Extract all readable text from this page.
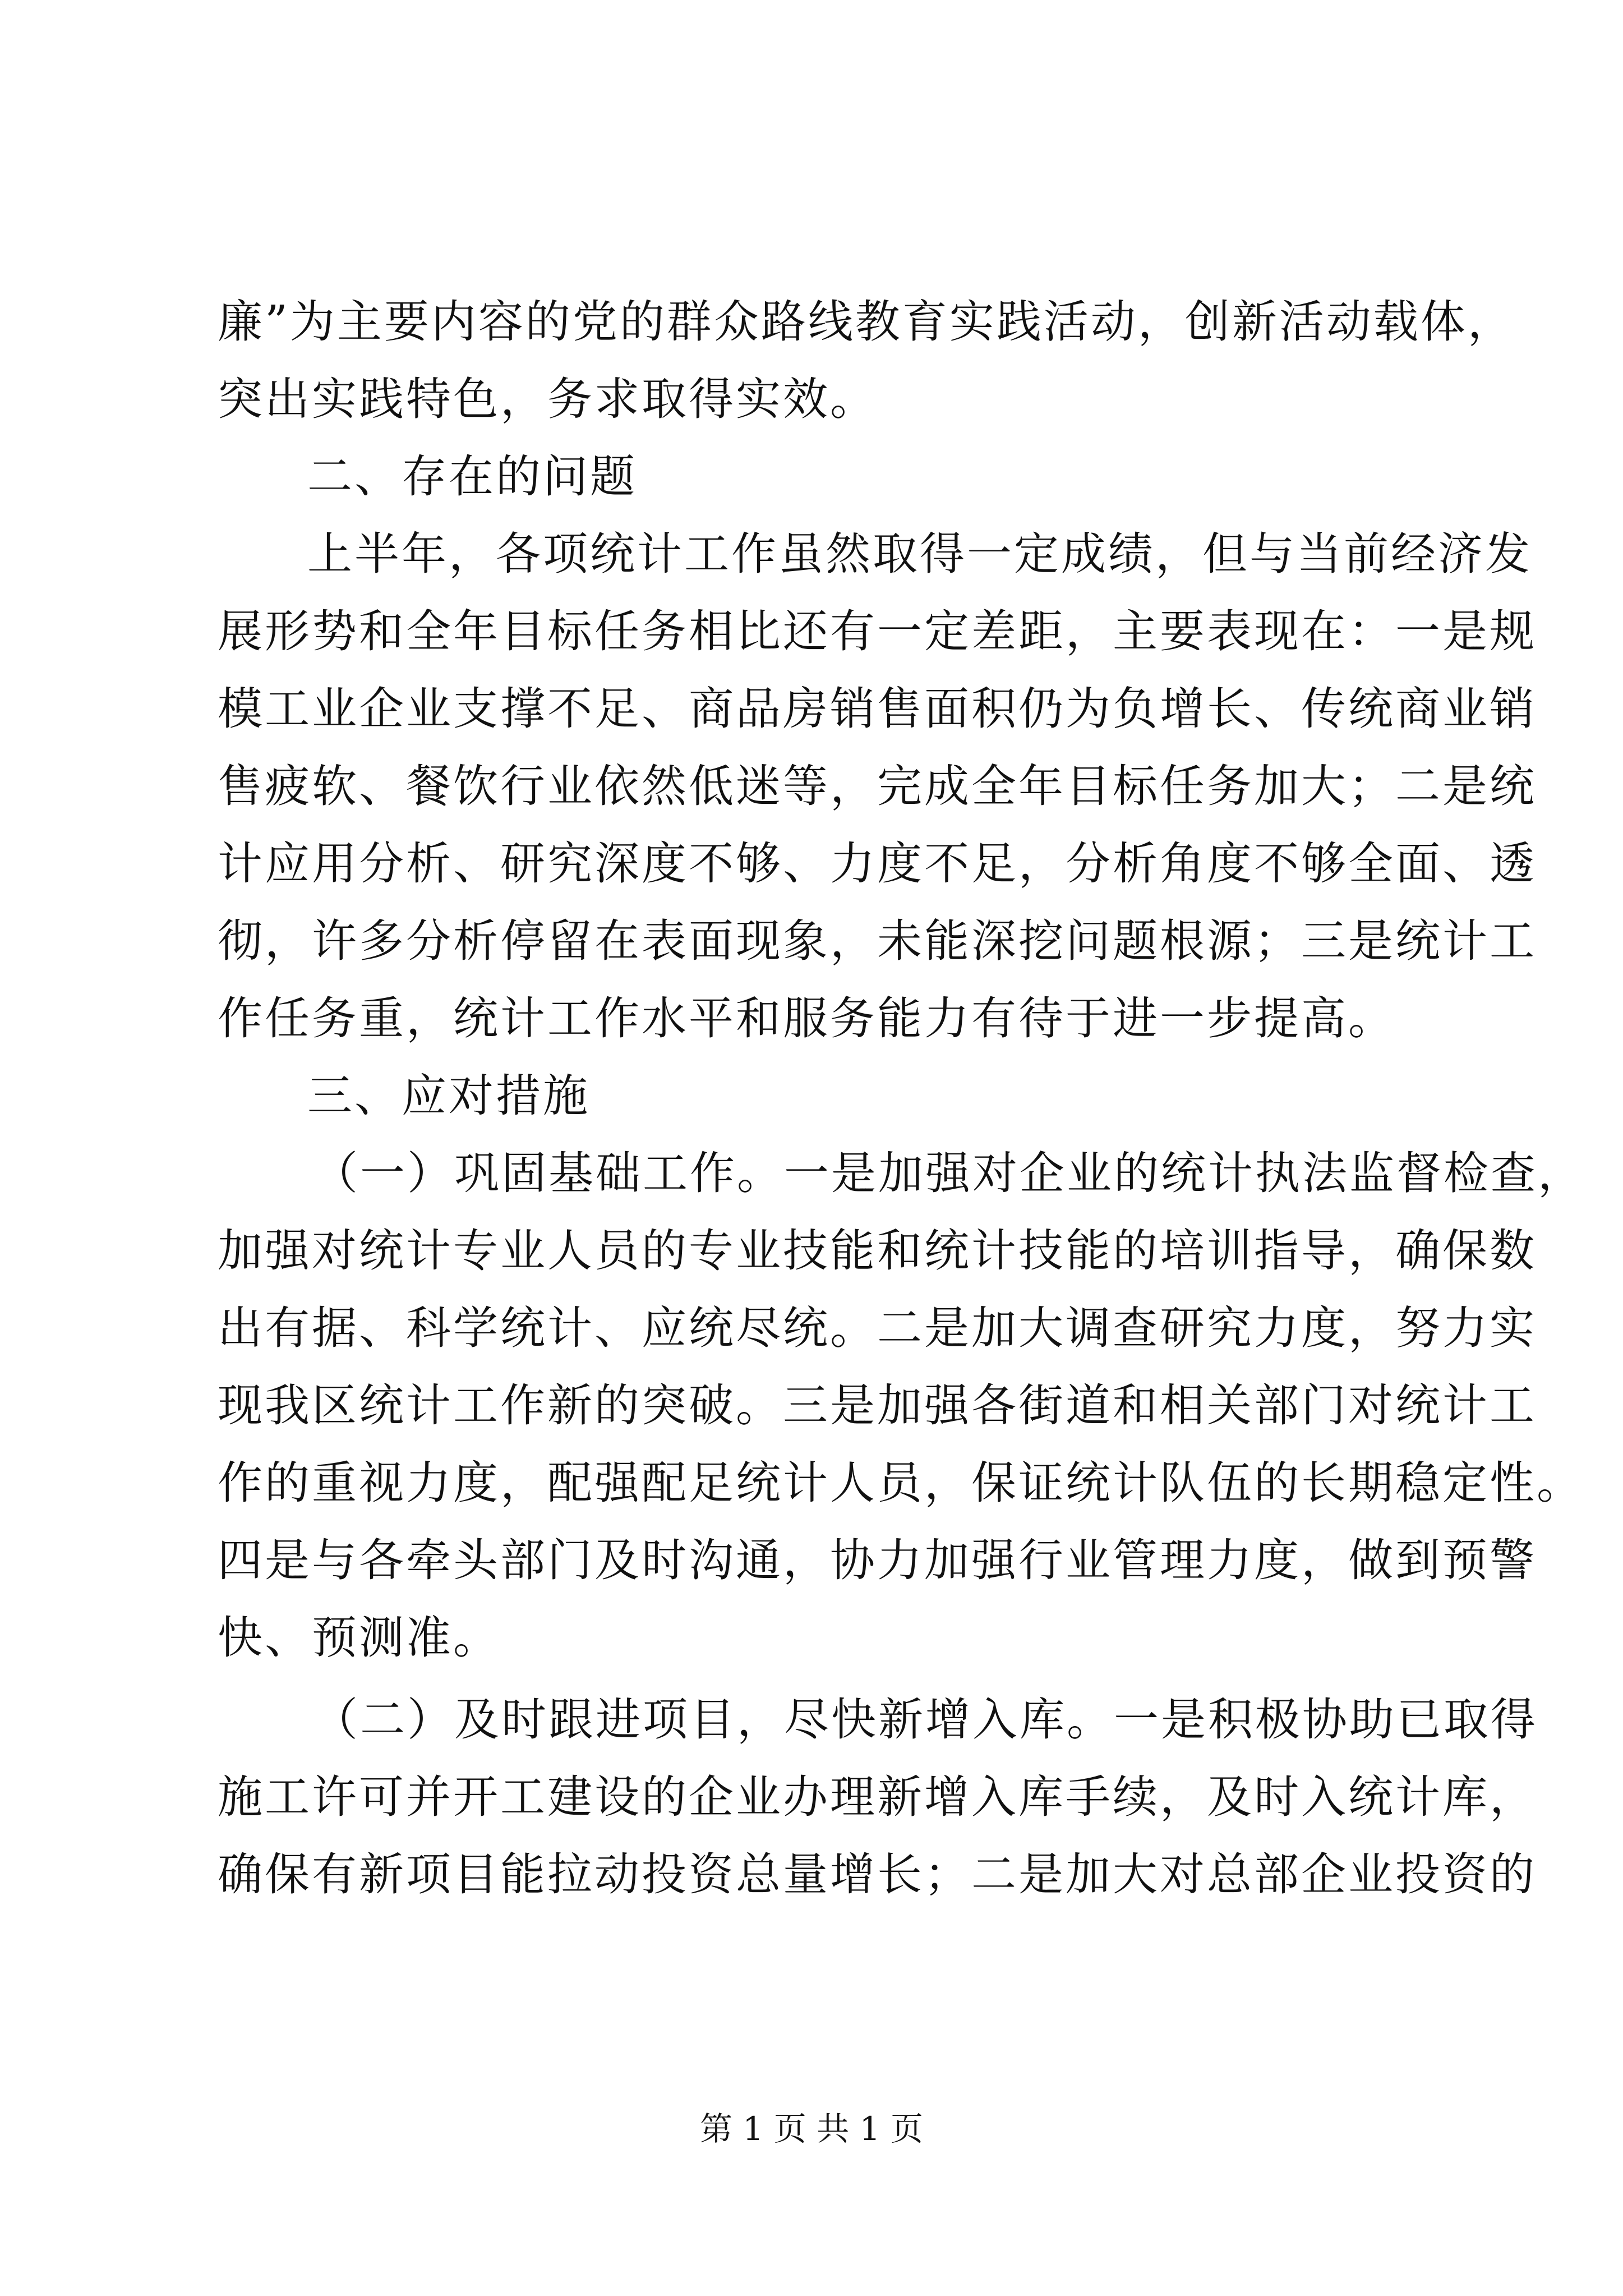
廉”为主要内容的党的群众路线教育实践活动，创新活动载体，
突出实践特色，务求取得实效。
二、存在的问题
上半年，各项统计工作虽然取得一定成绩，但与当前经济发
展形势和全年目标任务相比还有一定差距，主要表现在：一是规
模工业企业支撑不足、商品房销售面积仍为负增长、传统商业销
售疲软、餐饮行业依然低迷等，完成全年目标任务加大；二是统
计应用分析、研究深度不够、力度不足，分析角度不够全面、透
彻，许多分析停留在表面现象，未能深挖问题根源；三是统计工
作任务重，统计工作水平和服务能力有待于进一步提高。
三、应对措施
（一）巩固基础工作。一是加强对企业的统计执法监督检查，
加强对统计专业人员的专业技能和统计技能的培训指导，确保数
出有据、科学统计、应统尽统。二是加大调查研究力度，努力实
现我区统计工作新的突破。三是加强各街道和相关部门对统计工
作的重视力度，配强配足统计人员，保证统计队伍的长期稳定性。
四是与各牵头部门及时沟通，协力加强行业管理力度，做到预警
快、预测准。
（二）及时跟进项目，尽快新增入库。一是积极协助已取得
施工许可并开工建设的企业办理新增入库手续，及时入统计库，
确保有新项目能拉动投资总量增长；二是加大对总部企业投资的
第 1 页 共 1 页
